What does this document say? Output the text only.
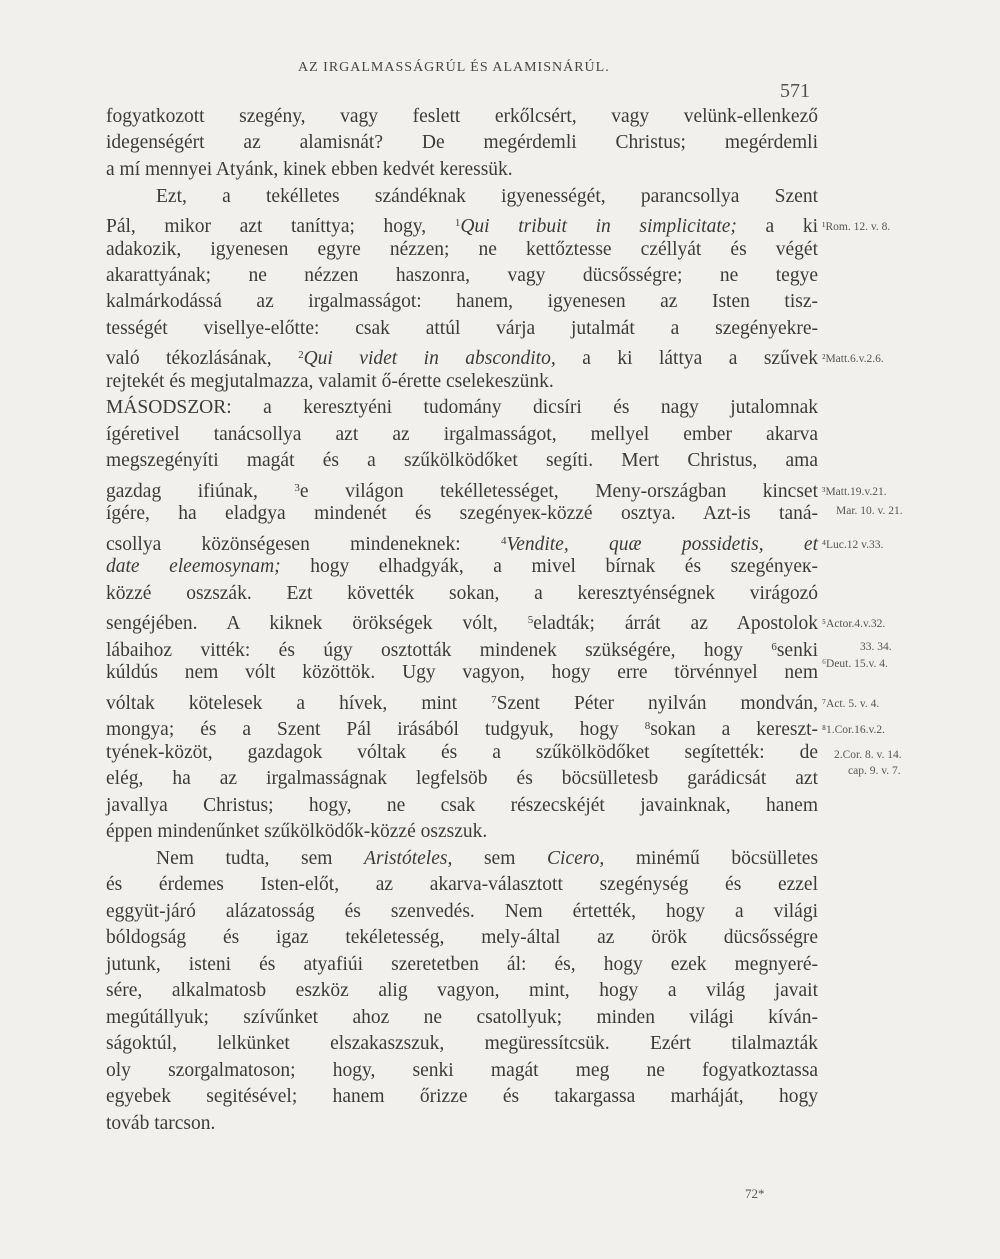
AZ IRGALMASSÁGRÚL ÉS ALAMISNÁRÚL.
571
fogyatkozott szegény, vagy feslett erkőlcsért, vagy velünk-ellenkező
idegenségért az alamisnát? De megérdemli Christus; megérdemli
a mí mennyei Atyánk, kinek ebben kedvét keressük.
Ezt, a tekélletes szándéknak igyenességét, parancsollya Szent
Pál, mikor azt taníttya; hogy,	$^1$Qui tribuit in simplicitate; a ki
adakozik, igyenesen egyre nézzen; ne kettőztesse czéllyát és végét
akarattyának; ne nézzen haszonra, vagy dücsősségre; ne tegye
kalmárkodássá az irgalmasságot: hanem, igyenesen az Isten tisz-
tességét visellye-előtte: csak attúl várja jutalmát a szegényekre-
való tékozlásának, $^2$Qui videt in abscondito, a ki láttya a szűvek
rejtekét és megjutalmazza, valamit ő-érette cselekeszünk.
MÁSODSZOR: a keresztyéni tudomány dicsíri és nagy jutalomnak
ígéretivel tanácsollya azt az irgalmasságot, mellyel ember akarva
megszegényíti magát és a szűkölködőket segíti. Mert Christus, ama
gazdag ifiúnak,	$^3$e világon tekélletességet, Meny-országban kincset
ígére, ha eladgya mindenét és szegényeк-közzé osztya. Azt-is taná-
csollya közönségesen mindeneknek:	$^4$Vendite, quæ possidetis, et
date eleemosynam; hogy elhadgyák, a mivel bírnak és szegényeк-
közzé oszszák. Ezt követték sokan, a keresztyénségnek virágozó
sengéjében. A kiknek örökségek vólt,	$^5$eladták; árrát az Apostolok
lábaihoz vitték: és úgy osztották mindenek szükségére, hogy	$^6$senki
kúldús nem vólt közöttök. Ugy vagyon, hogy erre törvénnyel nem
vóltak kötelesek a hívek, mint	$^7$Szent Péter nyilván mondván,
mongya; és a Szent Pál irásából tudgyuk, hogy $^8$sokan a kereszt-
tyének-közöt, gazdagok vóltak és a szűkölködőket segítették: de
elég, ha az irgalmasságnak legfelsöb és böcsülletesb garádicsát azt
javallya Christus; hogy, ne csak részecskéjét javainknak, hanem
éppen mindenűnket szűkölködők-közzé oszszuk.
Nem tudta, sem Aristóteles, sem Cicero, minémű böcsülletes
és érdemes Isten-előt, az akarva-választott szegénység és ezzel
eggyüt-járó alázatosság és szenvedés. Nem értették, hogy a világi
bóldogság és igaz tekéletesség, mely-által az örök dücsősségre
jutunk, isteni és atyafiúi szeretetben ál: és, hogy ezek megnyeré-
sére, alkalmatosb eszköz alig vagyon, mint, hogy a világ javait
megútállyuk; szívűnket ahoz ne csatollyuk; minden világi kíván-
ságoktúl, lelkünket elszakaszszuk, megüressítcsük. Ezért tilalmazták
oly szorgalmatoson; hogy, senki magát meg ne fogyatkoztassa
egyebek segitésével; hanem őrizze és takargassa marháját, hogy
továb tarcson.
¹Rom. 12. v. 8.
²Matt.6.v.2.6.
³Matt.19.v.21.
Mar. 10. v. 21.
⁴Luc.12 v.33.
⁵Actor.4.v.32.
33. 34.
⁶Deut. 15.v. 4.
⁷Act. 5. v. 4.
⁸1.Cor.16.v.2.
2.Cor. 8. v. 14.
cap. 9. v. 7.
72*
